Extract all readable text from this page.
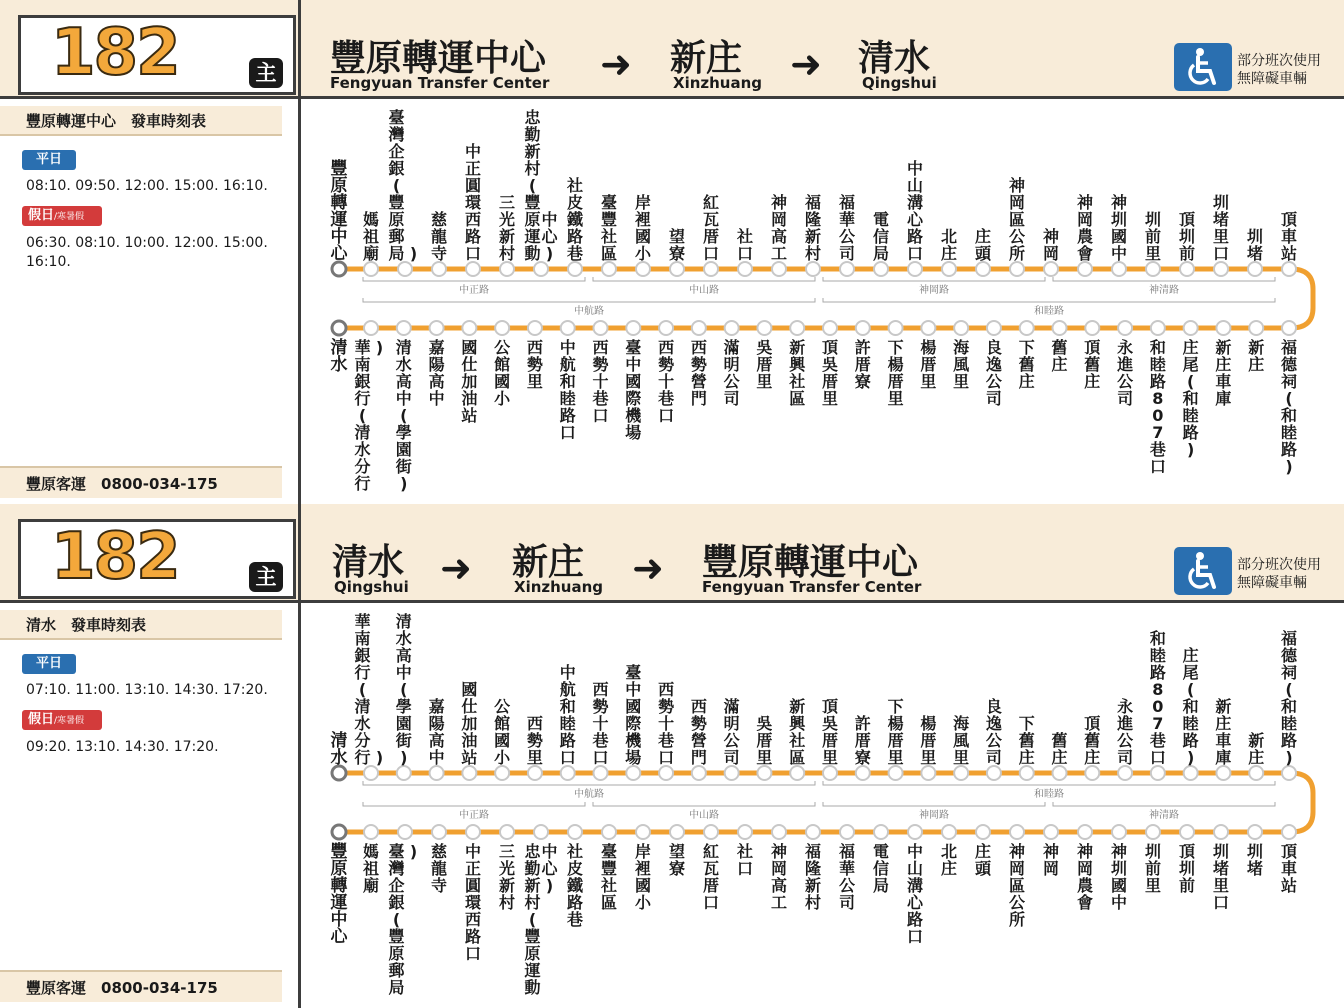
182	主 豐原轉運中心
Fengyuan Transfer Center ➜ 新庄
Xinzhuang ➜ 清水
Qingshui
部分班次使用
無障礙車輛
豐原轉運中心　發車時刻表
平日
08:10. 09:50. 12:00. 15:00. 16:10.
假日/寒暑假
06:30. 08:10. 10:00. 12:00. 15:00. 16:10.
豐原客運　0800-034-175
豐原轉運中心
清水
媽祖廟
臺灣企銀(豐原郵局 )
慈龍寺
中正圓環西路口
三光新村
忠勤新村(豐原運動
中心)
社皮鐵路巷
臺豐社區
岸裡國小
望寮
紅瓦厝口
社口
神岡高工
福隆新村
福華公司
電信局
中山溝心路口
北庄
庄頭
神岡區公所
神岡
神岡農會
神圳國中
圳前里
頂圳前
圳堵里口
圳堵
頂車站
華南銀行(清水分行
) 清水高中(學園街)
嘉陽高中
國仕加油站
公館國小
西勢里
中航和睦路口
西勢十巷口
臺中國際機場
西勢十巷口
西勢營門
滿明公司
吳厝里
新興社區
頂吳厝里
許厝寮
下楊厝里
楊厝里
海風里
良逸公司
下舊庄
舊庄
頂舊庄
永進公司
和睦路 8 0 7 巷口
庄尾(和睦路)
新庄車庫
新庄
福德祠(和睦路)
中正路	中山路	神岡路	神清路
中航路	和睦路
182	主 清水
Qingshui ➜ 新庄
Xinzhuang ➜ 豐原轉運中心
Fengyuan Transfer Center
部分班次使用
無障礙車輛
清水　發車時刻表
平日
07:10. 11:00. 13:10. 14:30. 17:20.
假日/寒暑假
09:20. 13:10. 14:30. 17:20.
豐原客運　0800-034-175
清水
豐原轉運中心
華南銀行(清水分行 )
清水高中(學園街)
嘉陽高中
國仕加油站
公館國小
西勢里
中航和睦路口
西勢十巷口
臺中國際機場
西勢十巷口
西勢營門
滿明公司
吳厝里
新興社區
頂吳厝里
許厝寮
下楊厝里
楊厝里
海風里
良逸公司
下舊庄
舊庄
頂舊庄
永進公司
和睦路 8 0 7 巷口
庄尾(和睦路)
新庄車庫
新庄
福德祠(和睦路)
媽祖廟
臺灣企銀(豐原郵局
) 慈龍寺
中正圓環西路口
三光新村
忠勤新村(豐原運動
中心)
社皮鐵路巷
臺豐社區
岸裡國小
望寮
紅瓦厝口
社口
神岡高工
福隆新村
福華公司
電信局
中山溝心路口
北庄
庄頭
神岡區公所
神岡
神岡農會
神圳國中
圳前里
頂圳前
圳堵里口
圳堵
頂車站
中航路	和睦路
中正路	中山路	神岡路	神清路
